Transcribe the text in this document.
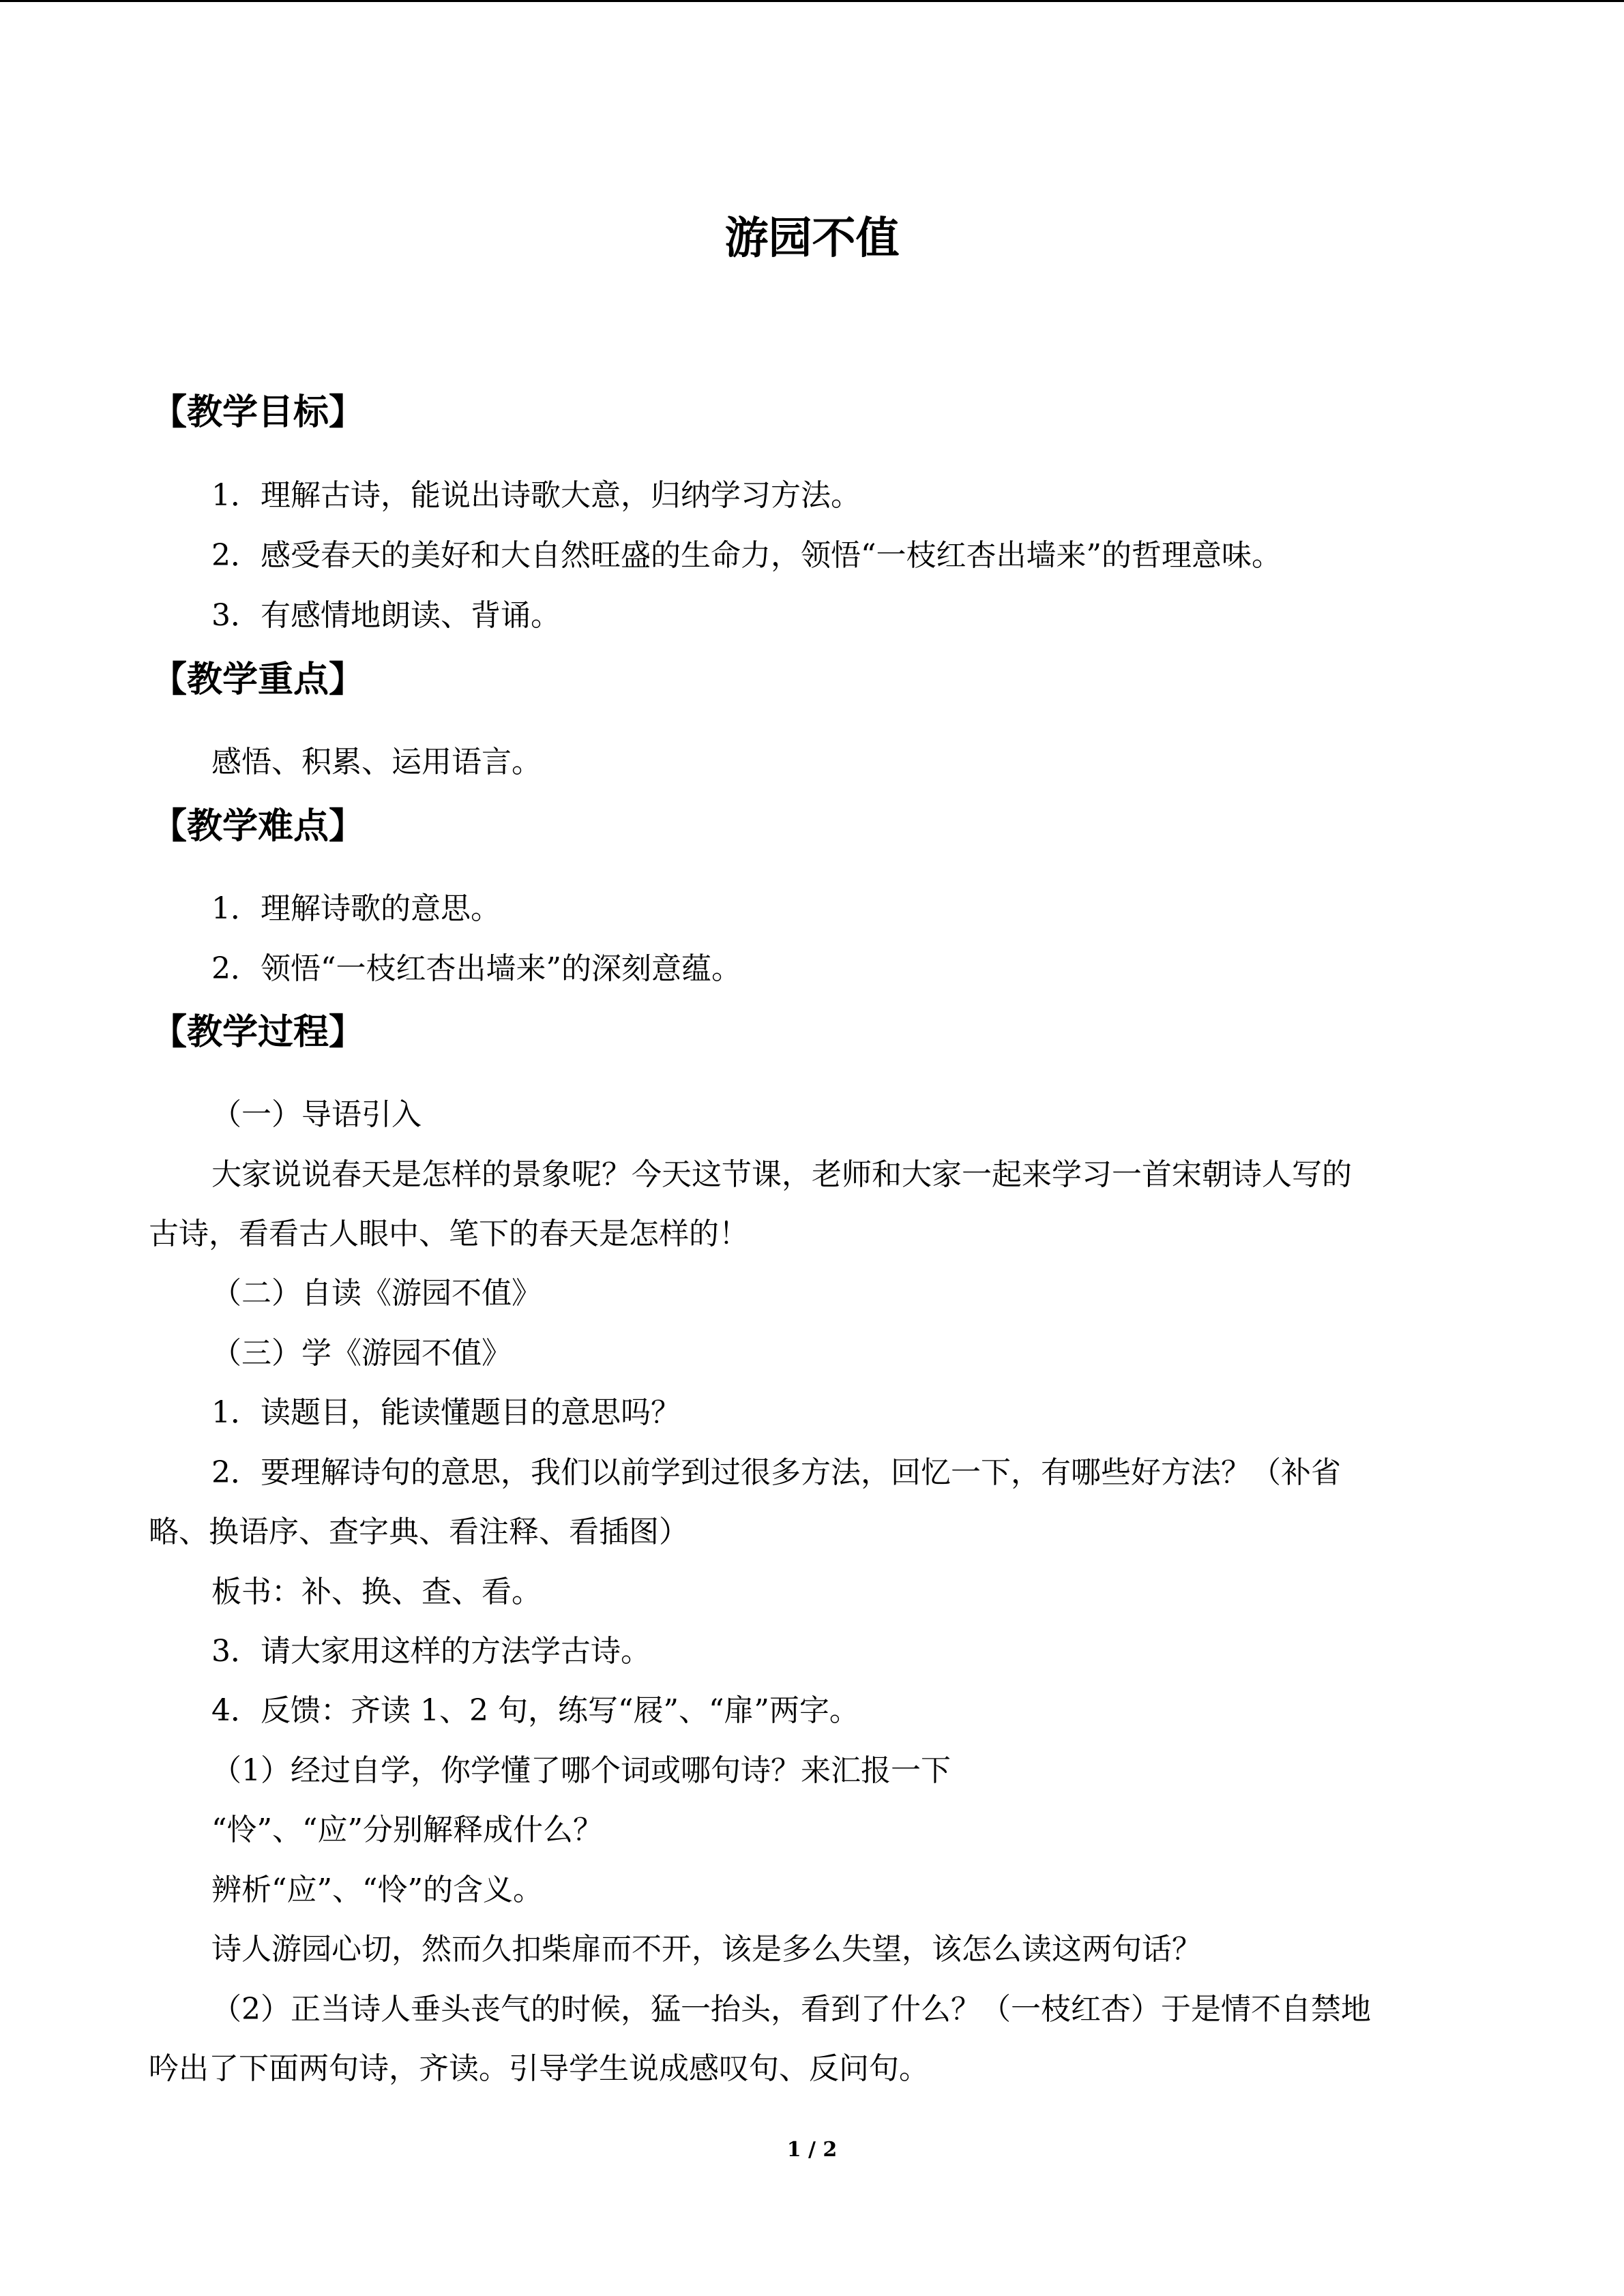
游园不值
【教学目标】
1．理解古诗，能说出诗歌大意，归纳学习方法。
2．感受春天的美好和大自然旺盛的生命力，领悟“一枝红杏出墙来”的哲理意味。
3．有感情地朗读、背诵。
【教学重点】
感悟、积累、运用语言。
【教学难点】
1．理解诗歌的意思。
2．领悟“一枝红杏出墙来”的深刻意蕴。
【教学过程】
（一）导语引入
大家说说春天是怎样的景象呢？今天这节课，老师和大家一起来学习一首宋朝诗人写的
古诗，看看古人眼中、笔下的春天是怎样的！
（二）自读《游园不值》
（三）学《游园不值》
1．读题目，能读懂题目的意思吗？
2．要理解诗句的意思，我们以前学到过很多方法，回忆一下，有哪些好方法？（补省
略、换语序、查字典、看注释、看插图）
板书：补、换、查、看。
3．请大家用这样的方法学古诗。
4．反馈：齐读 1、2 句，练写“屐”、“扉”两字。
（1）经过自学，你学懂了哪个词或哪句诗？来汇报一下
“怜”、“应”分别解释成什么？
辨析“应”、“怜”的含义。
诗人游园心切，然而久扣柴扉而不开，该是多么失望，该怎么读这两句话？
（2）正当诗人垂头丧气的时候，猛一抬头，看到了什么？（一枝红杏）于是情不自禁地
吟出了下面两句诗，齐读。引导学生说成感叹句、反问句。
1 / 2
